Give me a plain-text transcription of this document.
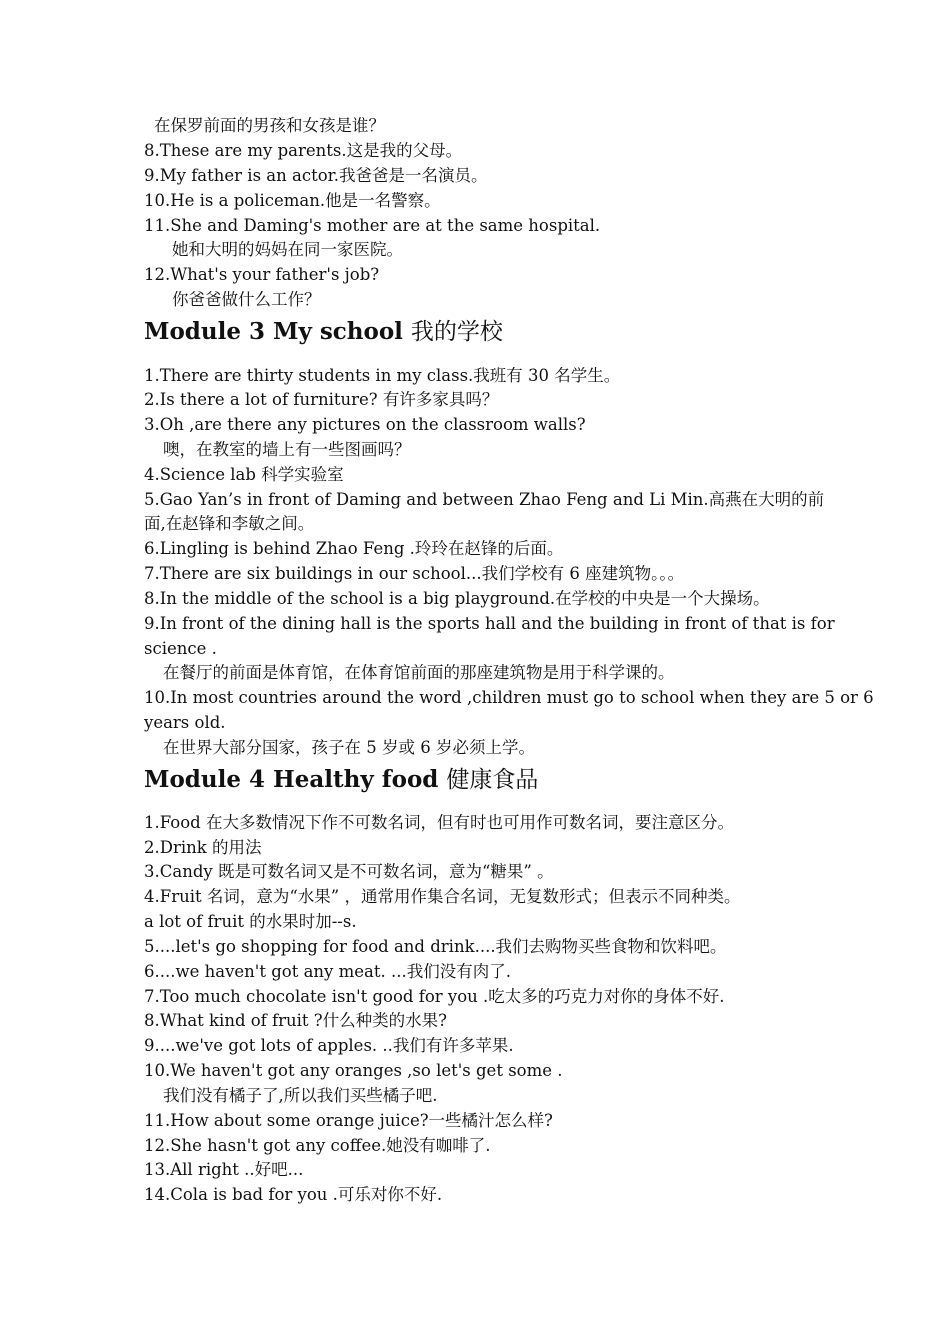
在保罗前面的男孩和女孩是谁？
8.These are my parents.这是我的父母。
9.My father is an actor.我爸爸是一名演员。
10.He is a policeman.他是一名警察。
11.She and Daming's mother are at the same hospital.
她和大明的妈妈在同一家医院。
12.What's your father's job?
你爸爸做什么工作？
Module 3 My school 我的学校
1.There are thirty students in my class.我班有 30 名学生。
2.Is there a lot of furniture? 有许多家具吗？
3.Oh ,are there any pictures on the classroom walls?
噢，在教室的墙上有一些图画吗？
4.Science lab 科学实验室
5.Gao Yan’s in front of Daming and between Zhao Feng and Li Min.高燕在大明的前
面,在赵锋和李敏之间。
6.Lingling is behind Zhao Feng .玲玲在赵锋的后面。
7.There are six buildings in our school...我们学校有 6 座建筑物。。。
8.In the middle of the school is a big playground.在学校的中央是一个大操场。
9.In front of the dining hall is the sports hall and the building in front of that is for
science .
在餐厅的前面是体育馆，在体育馆前面的那座建筑物是用于科学课的。
10.In most countries around the word ,children must go to school when they are 5 or 6
years old.
在世界大部分国家，孩子在 5 岁或 6 岁必须上学。
Module 4 Healthy food 健康食品
1.Food 在大多数情况下作不可数名词，但有时也可用作可数名词，要注意区分。
2.Drink 的用法
3.Candy 既是可数名词又是不可数名词，意为“糖果” 。
4.Fruit 名词，意为“水果” ，通常用作集合名词，无复数形式；但表示不同种类。
a lot of fruit 的水果时加--s.
5....let's go shopping for food and drink....我们去购物买些食物和饮料吧。
6....we haven't got any meat. ...我们没有肉了.
7.Too much chocolate isn't good for you .吃太多的巧克力对你的身体不好.
8.What kind of fruit ?什么种类的水果?
9....we've got lots of apples. ..我们有许多苹果.
10.We haven't got any oranges ,so let's get some .
我们没有橘子了,所以我们买些橘子吧.
11.How about some orange juice?一些橘汁怎么样?
12.She hasn't got any coffee.她没有咖啡了.
13.All right ..好吧...
14.Cola is bad for you .可乐对你不好.
